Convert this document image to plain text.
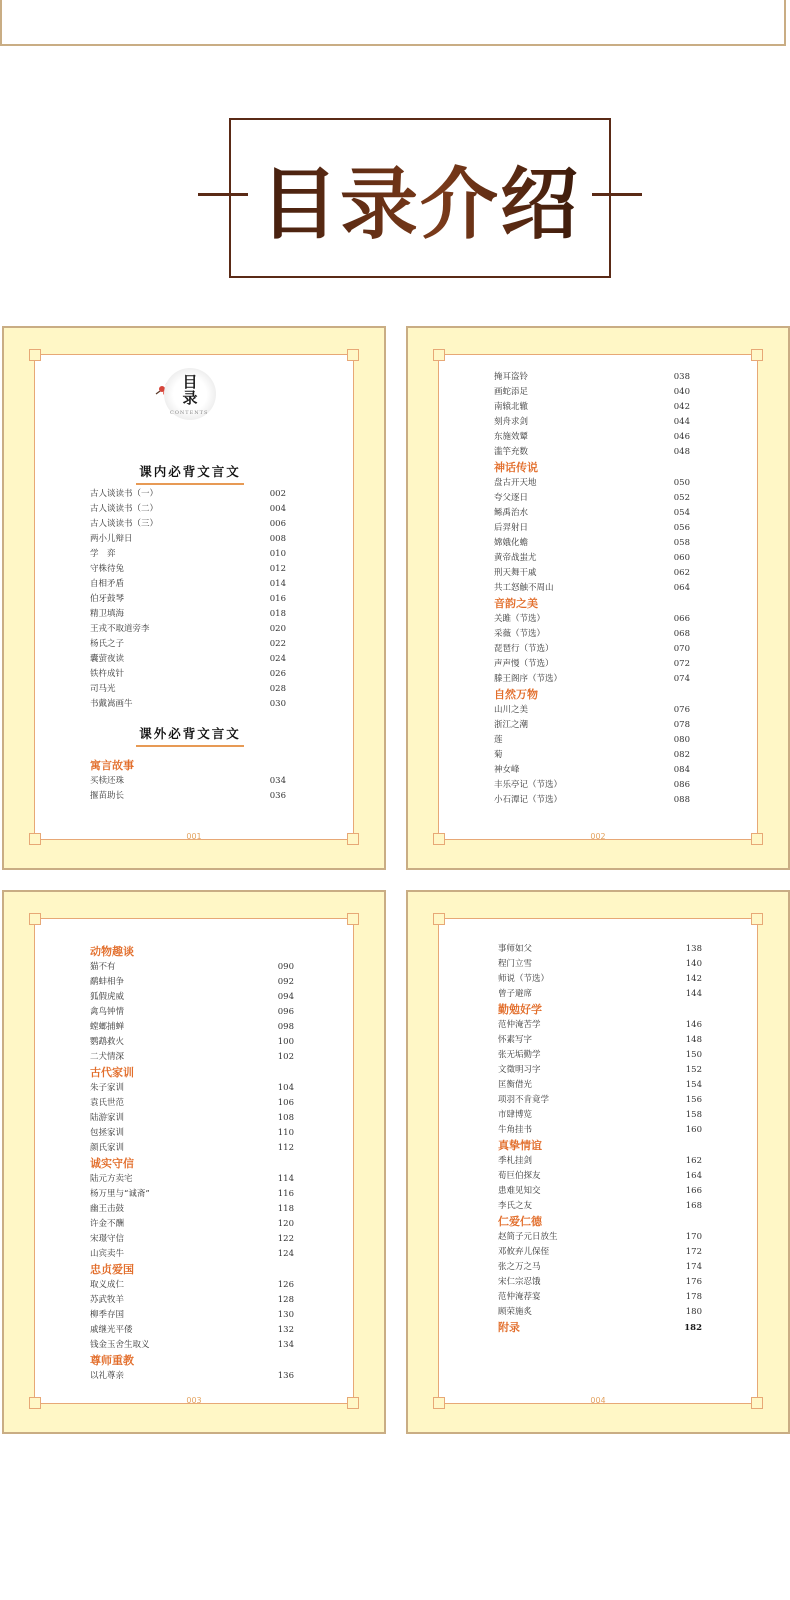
目录介绍
目
录
CONTENTS
课内必背文言文
古人谈读书（一）	002
古人谈读书（二）	004
古人谈读书（三）	006
两小儿辩日	008
学　弈	010
守株待兔	012
自相矛盾	014
伯牙鼓琴	016
精卫填海	018
王戎不取道旁李	020
杨氏之子	022
囊萤夜读	024
铁杵成针	026
司马光	028
书戴嵩画牛	030
课外必背文言文
寓言故事
买椟还珠	034
揠苗助长	036
001
掩耳盗铃	038
画蛇添足	040
南辕北辙	042
刻舟求剑	044
东施效颦	046
滥竽充数	048
神话传说
盘古开天地	050
夸父逐日	052
鲧禹治水	054
后羿射日	056
嫦娥化蟾	058
黄帝战蚩尤	060
刑天舞干戚	062
共工怒触不周山	064
音韵之美
关雎（节选）	066
采薇（节选）	068
琵琶行（节选）	070
声声慢（节选）	072
滕王阁序（节选）	074
自然万物
山川之美	076
浙江之潮	078
莲	080
菊	082
神女峰	084
丰乐亭记（节选）	086
小石潭记（节选）	088
002
动物趣谈
猫不有	090
鹬蚌相争	092
狐假虎威	094
禽鸟钟情	096
螳螂捕蝉	098
鹦鹉救火	100
二犬情深	102
古代家训
朱子家训	104
袁氏世范	106
陆游家训	108
包拯家训	110
颜氏家训	112
诚实守信
陆元方卖宅	114
杨万里与“诚斋”	116
幽王击鼓	118
许金不酬	120
宋璟守信	122
山宾卖牛	124
忠贞爱国
取义成仁	126
苏武牧羊	128
柳季存国	130
戚继光平倭	132
钱金玉舍生取义	134
尊师重教
以礼尊亲	136
003
事师如父	138
程门立雪	140
师说（节选）	142
曾子避席	144
勤勉好学
范仲淹苦学	146
怀素写字	148
张无垢勤学	150
文徵明习字	152
匡衡借光	154
项羽不肯竟学	156
市肆博览	158
牛角挂书	160
真挚情谊
季札挂剑	162
荀巨伯探友	164
患难见知交	166
李氏之友	168
仁爱仁德
赵简子元日放生	170
邓攸弃儿保侄	172
张之万之马	174
宋仁宗忍饿	176
范仲淹荐宴	178
顾荣施炙	180
附录	182
004
